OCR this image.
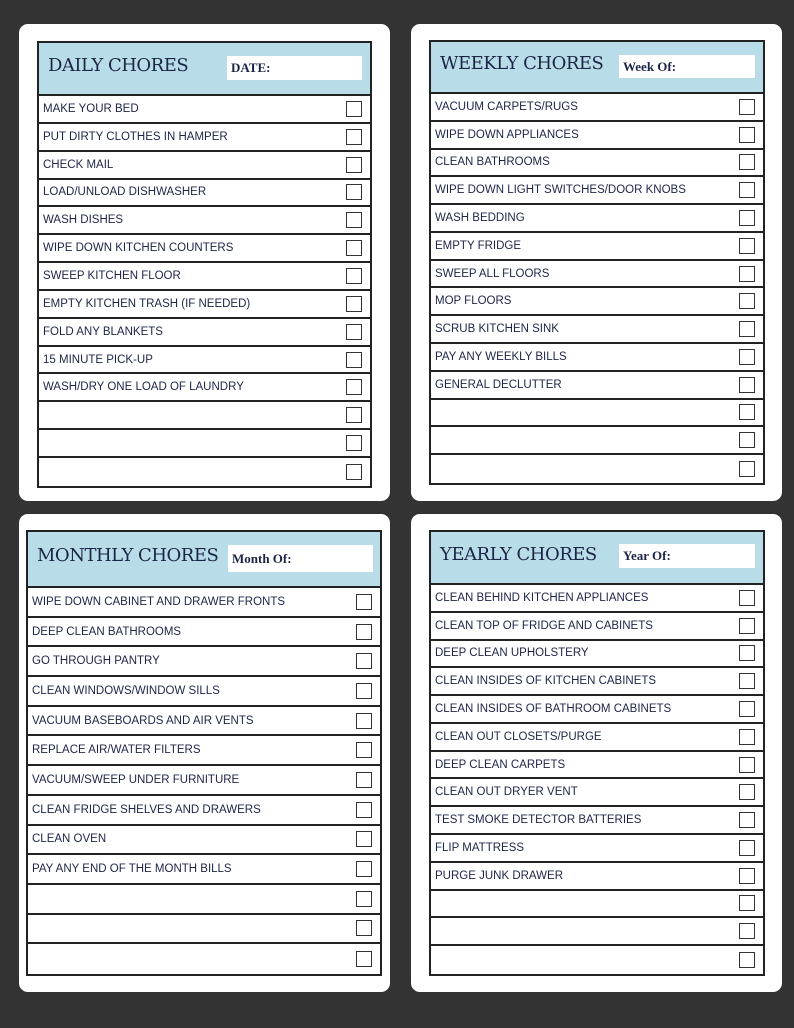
DAILY CHORES	DATE:
MAKE YOUR BED
PUT DIRTY CLOTHES IN HAMPER
CHECK MAIL
LOAD/UNLOAD DISHWASHER
WASH DISHES
WIPE DOWN KITCHEN COUNTERS
SWEEP KITCHEN FLOOR
EMPTY KITCHEN TRASH (IF NEEDED)
FOLD ANY BLANKETS
15 MINUTE PICK-UP
WASH/DRY ONE LOAD OF LAUNDRY
WEEKLY CHORES	Week Of:
VACUUM CARPETS/RUGS
WIPE DOWN APPLIANCES
CLEAN BATHROOMS
WIPE DOWN LIGHT SWITCHES/DOOR KNOBS
WASH BEDDING
EMPTY FRIDGE
SWEEP ALL FLOORS
MOP FLOORS
SCRUB KITCHEN SINK
PAY ANY WEEKLY BILLS
GENERAL DECLUTTER
MONTHLY CHORES	Month Of:
WIPE DOWN CABINET AND DRAWER FRONTS
DEEP CLEAN BATHROOMS
GO THROUGH PANTRY
CLEAN WINDOWS/WINDOW SILLS
VACUUM BASEBOARDS AND AIR VENTS
REPLACE AIR/WATER FILTERS
VACUUM/SWEEP UNDER FURNITURE
CLEAN FRIDGE SHELVES AND DRAWERS
CLEAN OVEN
PAY ANY END OF THE MONTH BILLS
YEARLY CHORES	Year Of:
CLEAN BEHIND KITCHEN APPLIANCES
CLEAN TOP OF FRIDGE AND CABINETS
DEEP CLEAN UPHOLSTERY
CLEAN INSIDES OF KITCHEN CABINETS
CLEAN INSIDES OF BATHROOM CABINETS
CLEAN OUT CLOSETS/PURGE
DEEP CLEAN CARPETS
CLEAN OUT DRYER VENT
TEST SMOKE DETECTOR BATTERIES
FLIP MATTRESS
PURGE JUNK DRAWER
